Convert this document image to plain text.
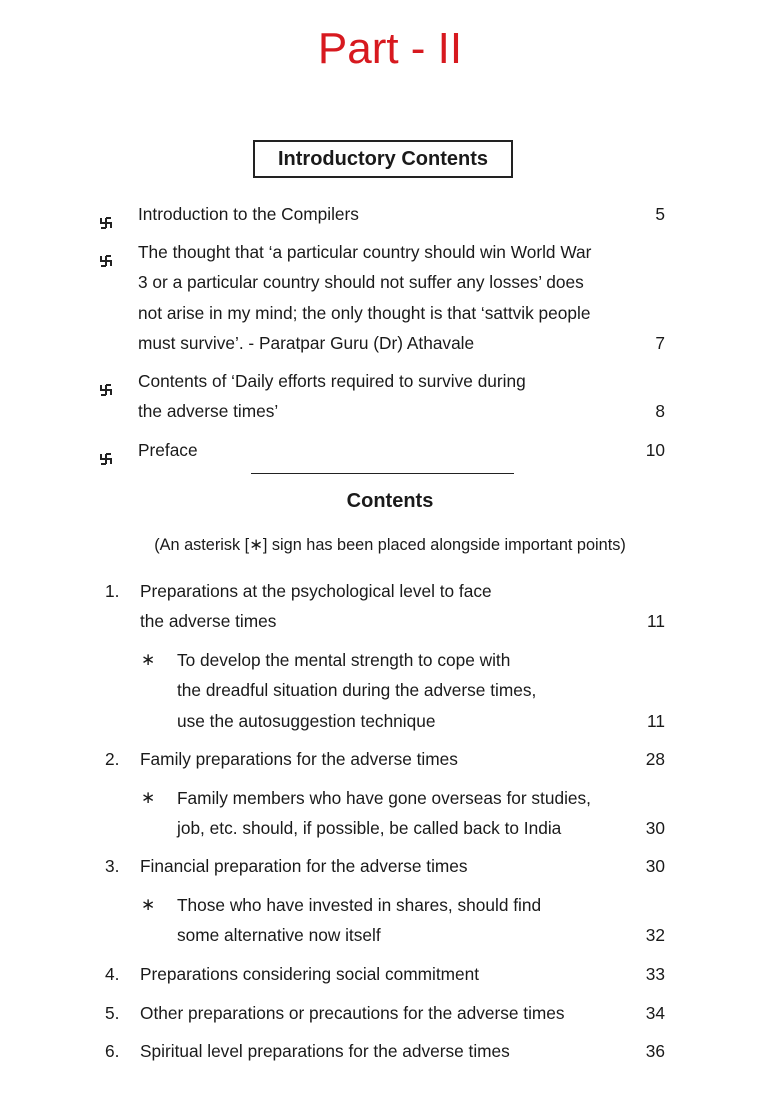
Part - II
Introductory Contents
Introduction to the Compilers	5
The thought that ‘a particular country should win World War
3 or a particular country should not suffer any losses’ does
not arise in my mind; the only thought is that ‘sattvik people
must survive’. - Paratpar Guru (Dr) Athavale	7
Contents of ‘Daily efforts required to survive during
the adverse times’	8
Preface	10
Contents
(An asterisk [∗] sign has been placed alongside important points)
1. Preparations at the psychological level to face
the adverse times	11
∗ To develop the mental strength to cope with
the dreadful situation during the adverse times,
use the autosuggestion technique	11
2. Family preparations for the adverse times	28
∗ Family members who have gone overseas for studies,
job, etc. should, if possible, be called back to India	30
3. Financial preparation for the adverse times	30
∗ Those who have invested in shares, should find
some alternative now itself	32
4. Preparations considering social commitment	33
5. Other preparations or precautions for the adverse times	34
6. Spiritual level preparations for the adverse times	36
